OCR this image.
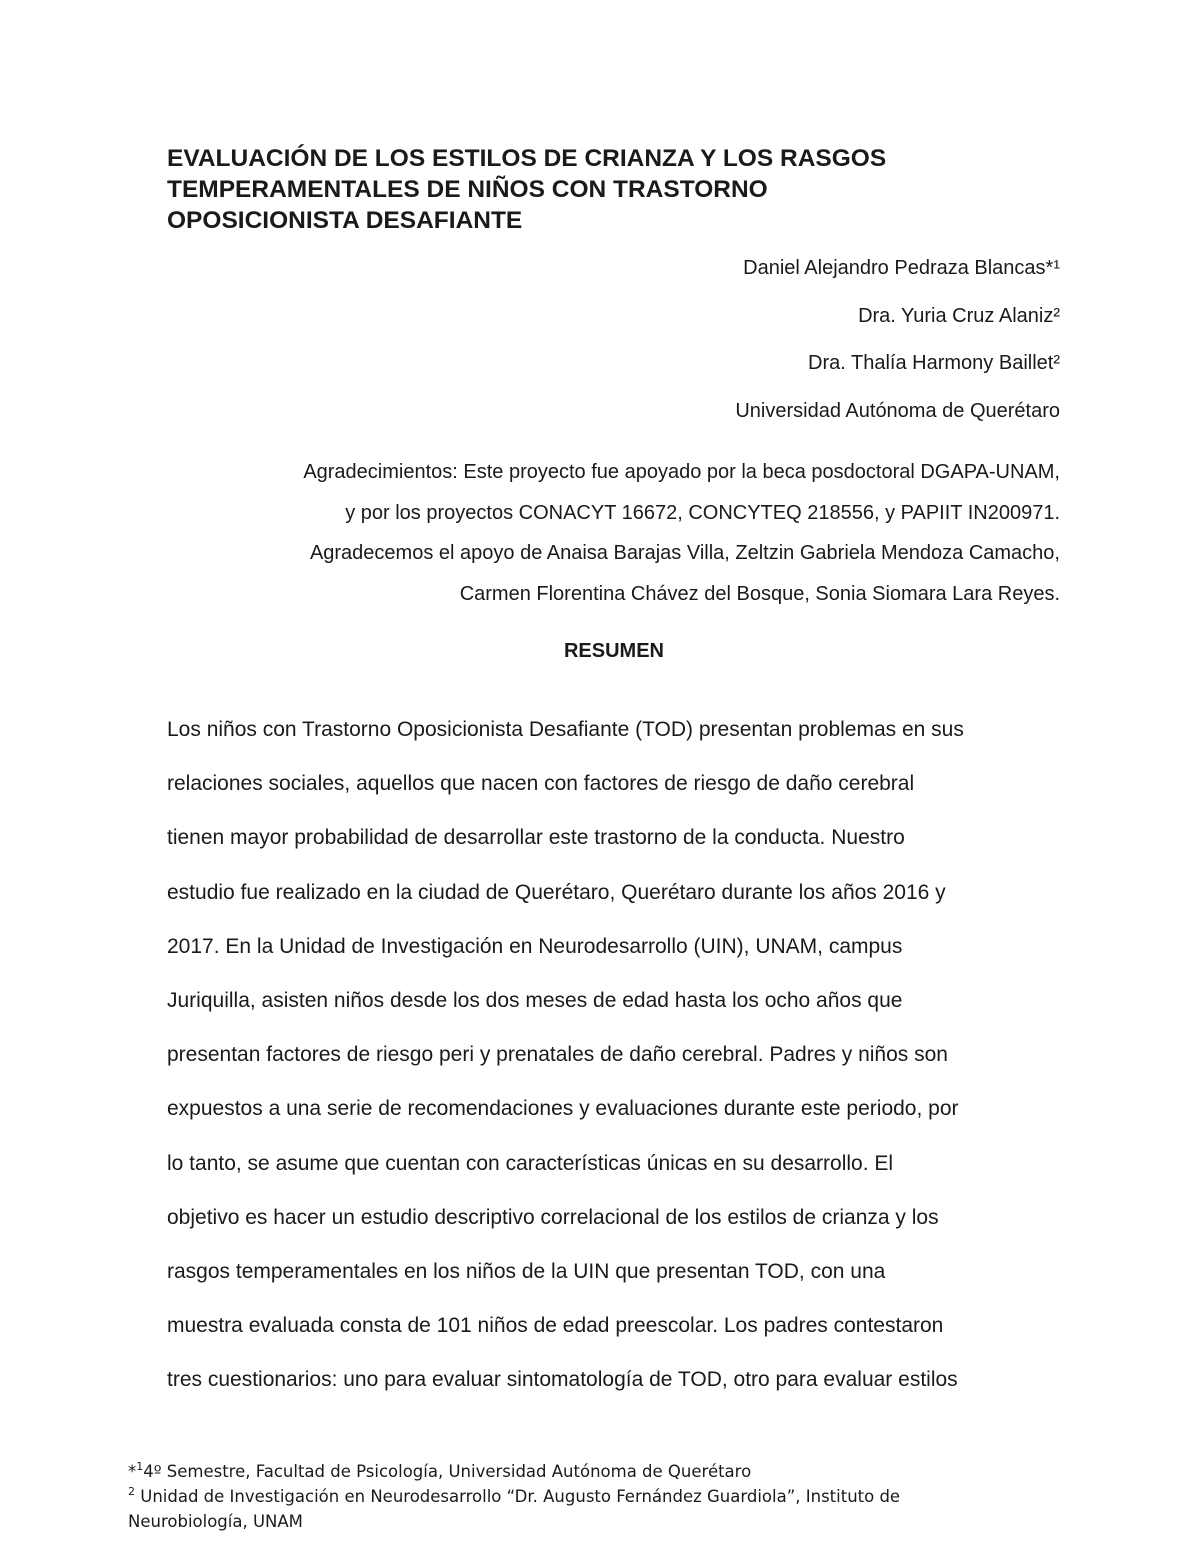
EVALUACIÓN DE LOS ESTILOS DE CRIANZA Y LOS RASGOS
TEMPERAMENTALES DE NIÑOS CON TRASTORNO
OPOSICIONISTA DESAFIANTE
Daniel Alejandro Pedraza Blancas*¹
Dra. Yuria Cruz Alaniz²
Dra. Thalía Harmony Baillet²
Universidad Autónoma de Querétaro
Agradecimientos: Este proyecto fue apoyado por la beca posdoctoral DGAPA-UNAM,
y por los proyectos CONACYT 16672, CONCYTEQ 218556, y PAPIIT IN200971.
Agradecemos el apoyo de Anaisa Barajas Villa, Zeltzin Gabriela Mendoza Camacho,
Carmen Florentina Chávez del Bosque, Sonia Siomara Lara Reyes.
RESUMEN
Los niños con Trastorno Oposicionista Desafiante (TOD) presentan problemas en sus
relaciones sociales, aquellos que nacen con factores de riesgo de daño cerebral
tienen mayor probabilidad de desarrollar este trastorno de la conducta. Nuestro
estudio fue realizado en la ciudad de Querétaro, Querétaro durante los años 2016 y
2017. En la Unidad de Investigación en Neurodesarrollo (UIN), UNAM, campus
Juriquilla, asisten niños desde los dos meses de edad hasta los ocho años que
presentan factores de riesgo peri y prenatales de daño cerebral. Padres y niños son
expuestos a una serie de recomendaciones y evaluaciones durante este periodo, por
lo tanto, se asume que cuentan con características únicas en su desarrollo. El
objetivo es hacer un estudio descriptivo correlacional de los estilos de crianza y los
rasgos temperamentales en los niños de la UIN que presentan TOD, con una
muestra evaluada consta de 101 niños de edad preescolar. Los padres contestaron
tres cuestionarios: uno para evaluar sintomatología de TOD, otro para evaluar estilos
*$^1$4º Semestre, Facultad de Psicología, Universidad Autónoma de Querétaro
$^2$ Unidad de Investigación en Neurodesarrollo “Dr. Augusto Fernández Guardiola”, Instituto de
Neurobiología, UNAM
